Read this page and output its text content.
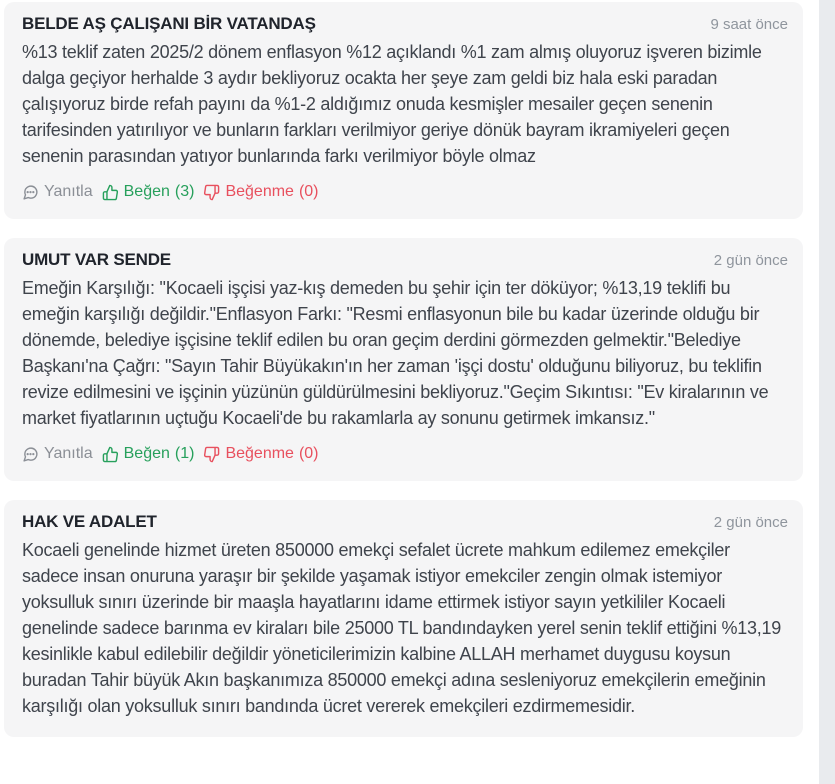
BELDE AŞ ÇALIŞANI BİR VATANDAŞ	9 saat önce
%13 teklif zaten 2025/2 dönem enflasyon %12 açıklandı %1 zam almış oluyoruz işveren bizimle dalga geçiyor herhalde 3 aydır bekliyoruz ocakta her şeye zam geldi biz hala eski paradan çalışıyoruz birde refah payını da %1-2 aldığımız onuda kesmişler mesailer geçen senenin tarifesinden yatırılıyor ve bunların farkları verilmiyor geriye dönük bayram ikramiyeleri geçen senenin parasından yatıyor bunlarında farkı verilmiyor böyle olmaz
Yanıtla Beğen (3) Beğenme (0)
UMUT VAR SENDE	2 gün önce
Emeğin Karşılığı: "Kocaeli işçisi yaz-kış demeden bu şehir için ter döküyor; %13,19 teklifi bu emeğin karşılığı değildir."Enflasyon Farkı: "Resmi enflasyonun bile bu kadar üzerinde olduğu bir dönemde, belediye işçisine teklif edilen bu oran geçim derdini görmezden gelmektir."Belediye Başkanı'na Çağrı: "Sayın Tahir Büyükakın'ın her zaman 'işçi dostu' olduğunu biliyoruz, bu teklifin revize edilmesini ve işçinin yüzünün güldürülmesini bekliyoruz."Geçim Sıkıntısı: "Ev kiralarının ve market fiyatlarının uçtuğu Kocaeli'de bu rakamlarla ay sonunu getirmek imkansız."
Yanıtla Beğen (1) Beğenme (0)
HAK VE ADALET	2 gün önce
Kocaeli genelinde hizmet üreten 850000 emekçi sefalet ücrete mahkum edilemez emekçiler sadece insan onuruna yaraşır bir şekilde yaşamak istiyor emekciler zengin olmak istemiyor yoksulluk sınırı üzerinde bir maaşla hayatlarını idame ettirmek istiyor sayın yetkililer Kocaeli genelinde sadece barınma ev kiraları bile 25000 TL bandındayken yerel senin teklif ettiğini %13,19 kesinlikle kabul edilebilir değildir yöneticilerimizin kalbine ALLAH merhamet duygusu koysun buradan Tahir büyük Akın başkanımıza 850000 emekçi adına sesleniyoruz emekçilerin emeğinin karşılığı olan yoksulluk sınırı bandında ücret vererek emekçileri ezdirmemesidir.
